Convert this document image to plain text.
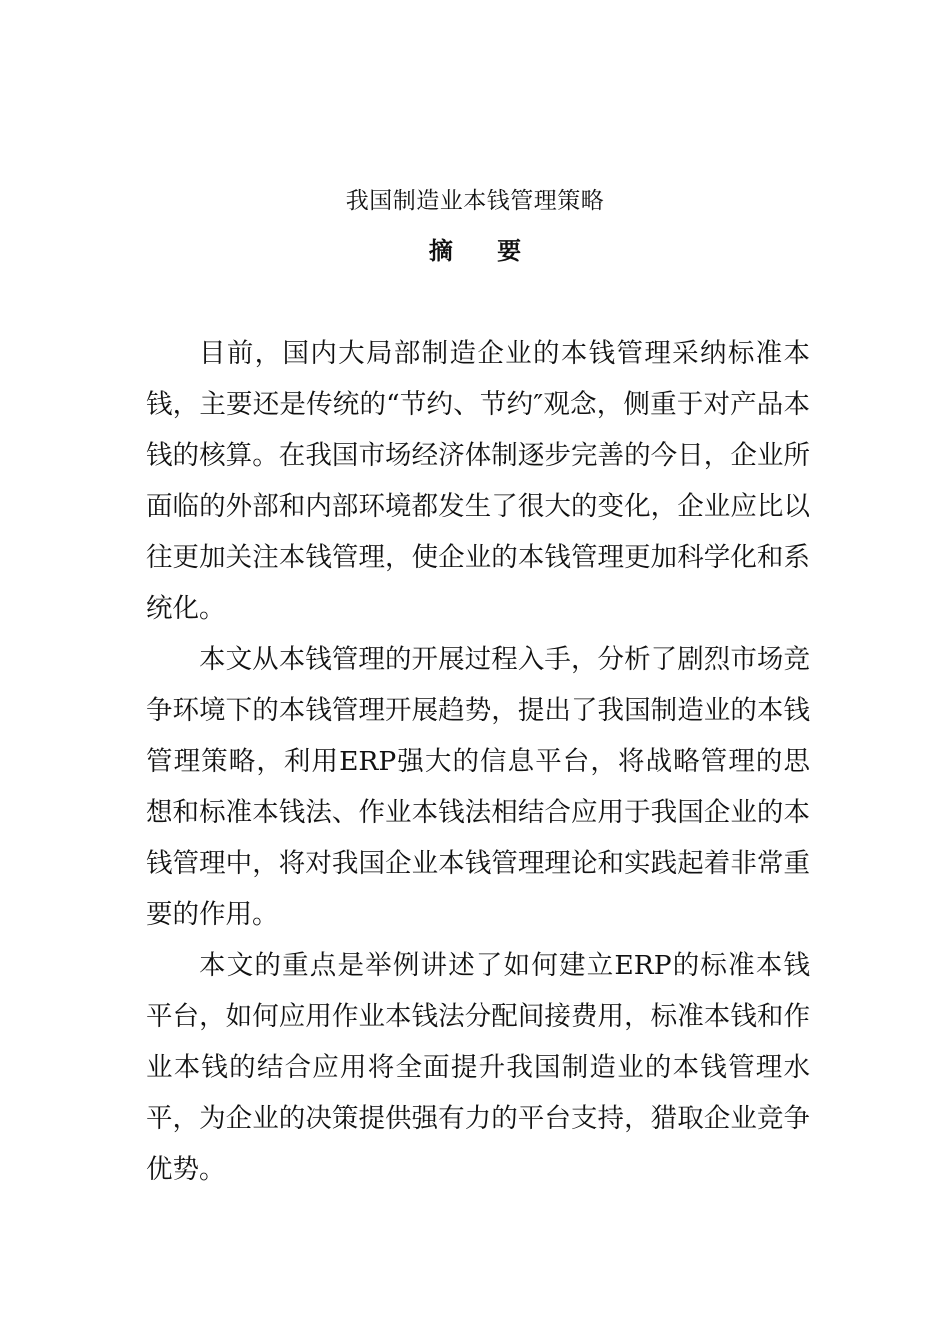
我国制造业本钱管理策略
摘 要

目前，国内大局部制造企业的本钱管理采纳标准本钱，主要还是传统的“节约、节约″观念，侧重于对产品本钱的核算。在我国市场经济体制逐步完善的今日，企业所面临的外部和内部环境都发生了很大的变化，企业应比以往更加关注本钱管理，使企业的本钱管理更加科学化和系统化。

本文从本钱管理的开展过程入手，分析了剧烈市场竞争环境下的本钱管理开展趋势，提出了我国制造业的本钱管理策略，利用ERP强大的信息平台，将战略管理的思想和标准本钱法、作业本钱法相结合应用于我国企业的本钱管理中，将对我国企业本钱管理理论和实践起着非常重要的作用。

本文的重点是举例讲述了如何建立ERP的标准本钱平台，如何应用作业本钱法分配间接费用，标准本钱和作业本钱的结合应用将全面提升我国制造业的本钱管理水平，为企业的决策提供强有力的平台支持，猎取企业竞争优势。
